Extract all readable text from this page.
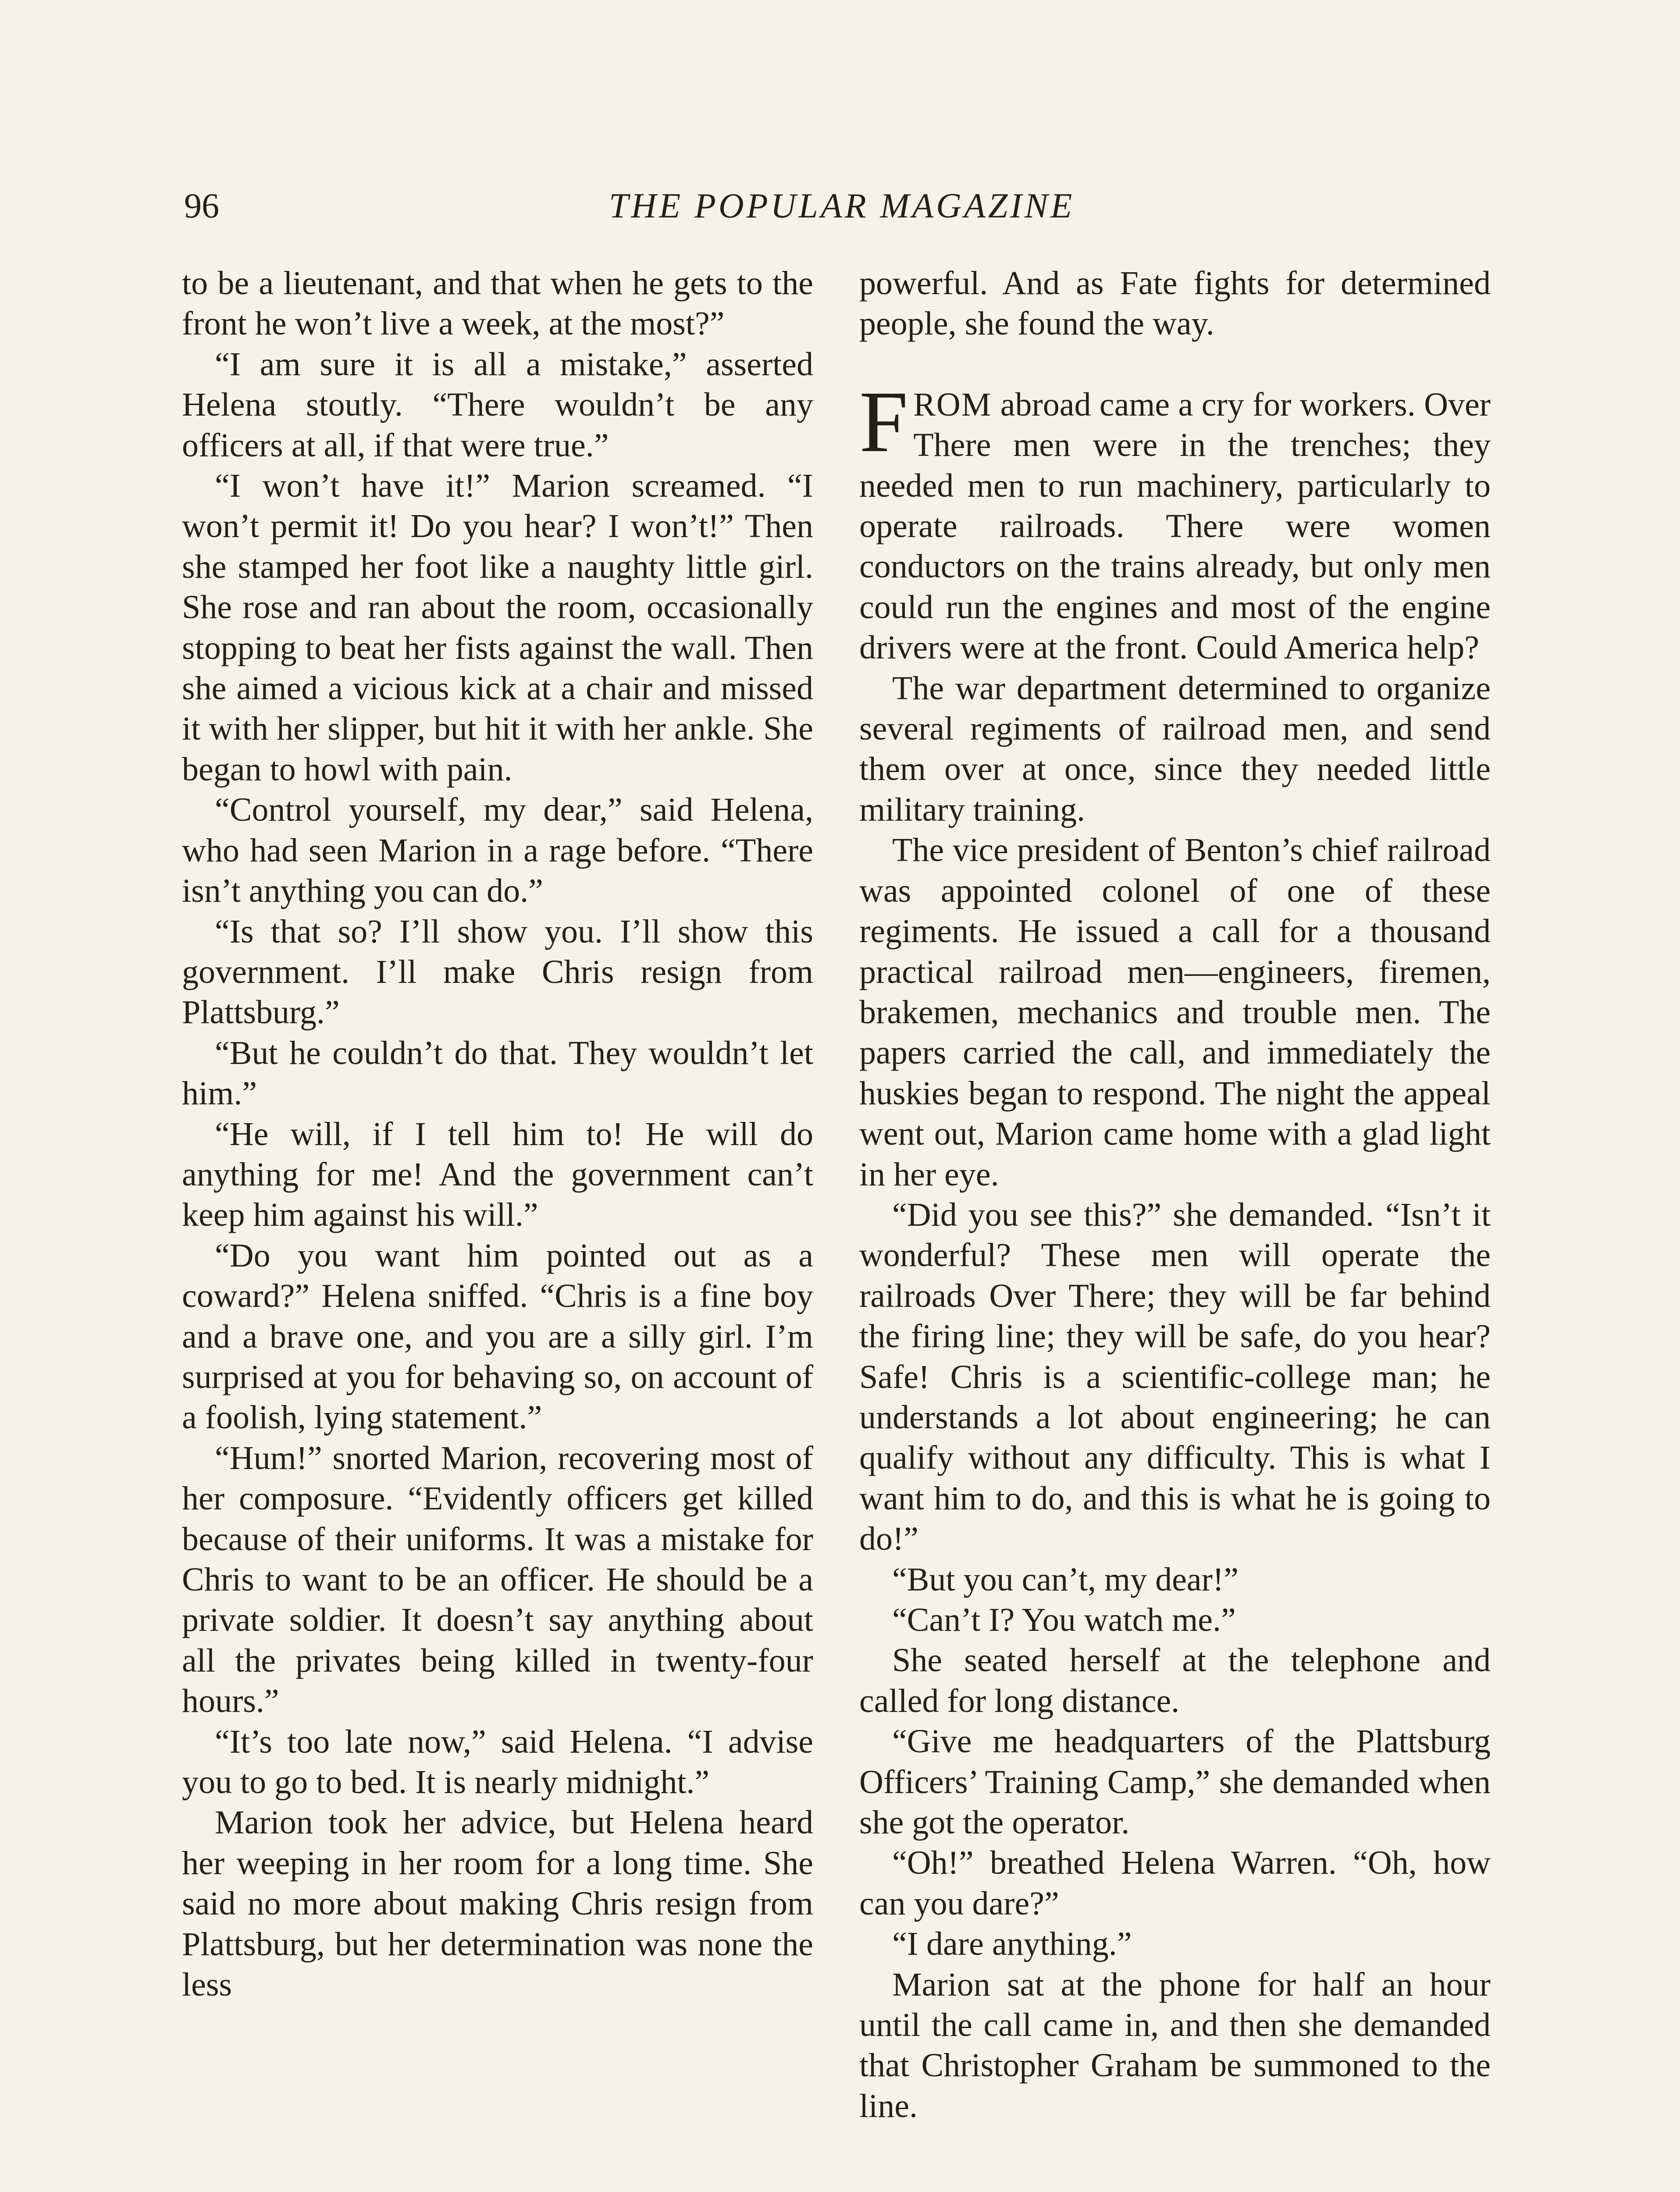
96	THE POPULAR MAGAZINE

to be a lieutenant, and that when he gets to the front he won’t live a week, at the most?”

“I am sure it is all a mistake,” asserted Helena stoutly. “There wouldn’t be any officers at all, if that were true.”

“I won’t have it!” Marion screamed. “I won’t permit it! Do you hear? I won’t!” Then she stamped her foot like a naughty little girl. She rose and ran about the room, occasionally stopping to beat her fists against the wall. Then she aimed a vicious kick at a chair and missed it with her slipper, but hit it with her ankle. She began to howl with pain.

“Control yourself, my dear,” said Helena, who had seen Marion in a rage before. “There isn’t anything you can do.”

“Is that so? I’ll show you. I’ll show this government. I’ll make Chris resign from Plattsburg.”

“But he couldn’t do that. They wouldn’t let him.”

“He will, if I tell him to! He will do anything for me! And the government can’t keep him against his will.”

“Do you want him pointed out as a coward?” Helena sniffed. “Chris is a fine boy and a brave one, and you are a silly girl. I’m surprised at you for behaving so, on account of a foolish, lying statement.”

“Hum!” snorted Marion, recovering most of her composure. “Evidently officers get killed because of their uniforms. It was a mistake for Chris to want to be an officer. He should be a private soldier. It doesn’t say anything about all the privates being killed in twenty-four hours.”

“It’s too late now,” said Helena. “I advise you to go to bed. It is nearly midnight.”

Marion took her advice, but Helena heard her weeping in her room for a long time. She said no more about making Chris resign from Plattsburg, but her determination was none the less

powerful. And as Fate fights for determined people, she found the way.

FROM abroad came a cry for workers. Over There men were in the trenches; they needed men to run machinery, particularly to operate railroads. There were women conductors on the trains already, but only men could run the engines and most of the engine drivers were at the front. Could America help?

The war department determined to organize several regiments of railroad men, and send them over at once, since they needed little military training.

The vice president of Benton’s chief railroad was appointed colonel of one of these regiments. He issued a call for a thousand practical railroad men—engineers, firemen, brakemen, mechanics and trouble men. The papers carried the call, and immediately the huskies began to respond. The night the appeal went out, Marion came home with a glad light in her eye.

“Did you see this?” she demanded. “Isn’t it wonderful? These men will operate the railroads Over There; they will be far behind the firing line; they will be safe, do you hear? Safe! Chris is a scientific-college man; he understands a lot about engineering; he can qualify without any difficulty. This is what I want him to do, and this is what he is going to do!”

“But you can’t, my dear!”

“Can’t I? You watch me.”

She seated herself at the telephone and called for long distance.

“Give me headquarters of the Plattsburg Officers’ Training Camp,” she demanded when she got the operator.

“Oh!” breathed Helena Warren. “Oh, how can you dare?”

“I dare anything.”

Marion sat at the phone for half an hour until the call came in, and then she demanded that Christopher Graham be summoned to the line.
